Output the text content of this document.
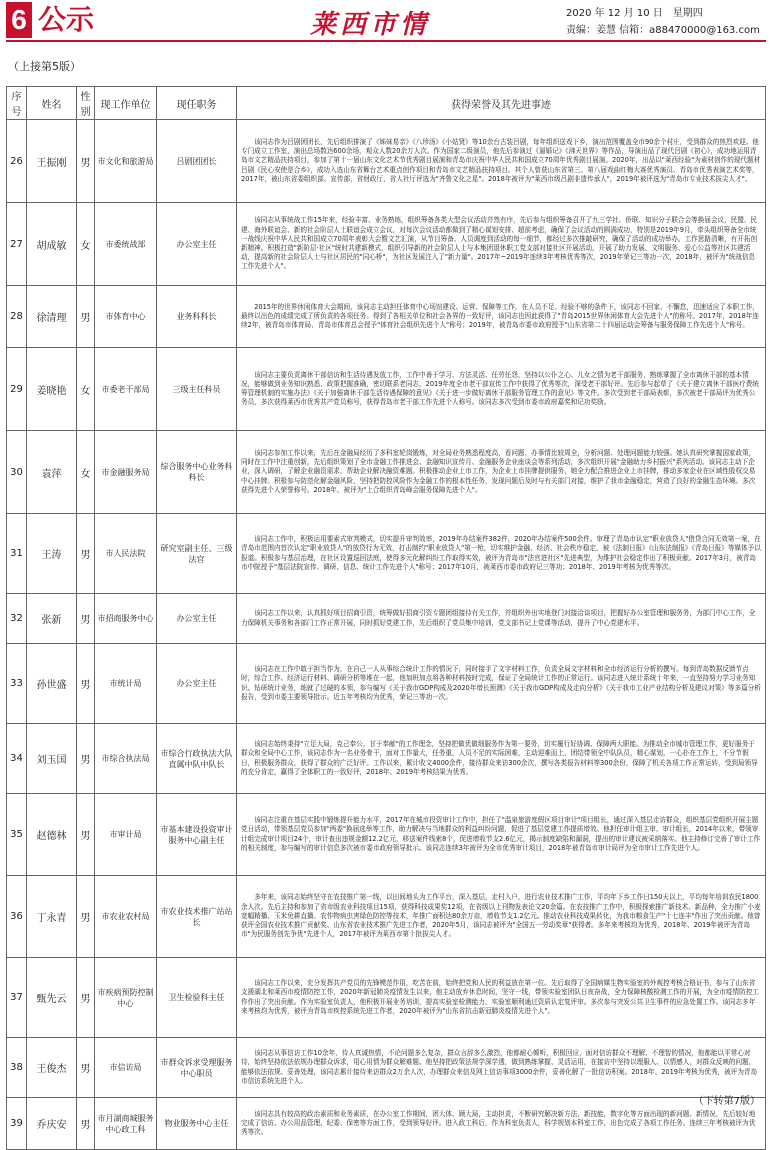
6 公示	莱西市情	2020 年 12 月 10 日　星期四
责编：姜慧 信箱：a88470000@163.com
（上接第5版）
序号	姓名	性别	现工作单位	现任职务	获得荣誉及其先进事迹
26	王振刚	男	市文化和旅游局	吕剧团团长	该同志作为吕剧团团长，先后组织排演了《姊妹易亲》《八珍汤》《小姑贤》等10余台古装吕剧，每年组织送戏下乡，演出范围覆盖全市90余个村庄，受到群众的热烈欢迎。他专门成立工作室，演出总场数达600余场，观众人数20余万人次。作为国家二级演员，他先后参演过《逼婚记》《沸天世界》等作品，导演出品了现代吕剧《初心》，成功地运用青岛市文艺精品扶持项目，参加了第十一届山东文化艺术节优秀剧目展演和青岛市庆祝中华人民共和国成立70周年优秀剧目展演。2020年，出品以"莱西经验"为素材创作的现代题材吕剧《民心安使是合乡》，成功入选山东省舞台艺术重点创作项目和青岛市文艺精品扶持项目。其个人曾获山东省第三、第八届戏曲红梅大赛优秀演员、青岛市优秀表演艺术奖等，2017年，被山东省委组织部、宣传部，省财政厅、省人社厅评选为"齐鲁文化之星"。2018年被评为"莱西市级吕剧非遗传承人"，2019年被评选为"青岛市专业技术拔尖人才"。
27	胡成敏	女	市委统战部	办公室主任	该同志从事统战工作15年来，经验丰富、业务熟练，组织筹备各类大型会议活动井然有序，先后参与组织筹备召开了九三学社、侨联、知识分子联合会等换届会议，民盟、民建、海外联谊会、新的社会阶层人士联谊会成立会议，对每次会议活动都做到了精心谋划安排、超前考虑，确保了会议活动的圆满成功，特别是2019年9月，牵头组织筹备全市统一战线庆祝中华人民共和国成立70周年表彰大会暨文艺汇演，从节目筹备、人员调度到活动的每一细节，都经过多次推敲研究，确保了活动的成功举办。工作思路清晰，有开拓创新精神。积极打造"新阶层·社区"统时共建新模式，组织引导新的社会阶层人士与本集团退休职工党支部对接社区开展活动，开展了助力发展、文明服务、爱心公益等社区共建活动，提高新的社会阶层人士与社区居民的"同心桥"，为社区发展注入了"新力量"。2017年~2019年连续3年考核优秀等次，2019年荣记三等功一次，2018年，被评为"统战信息工作先进个人"。
28	徐清理	男	市体育中心	业务科科长	2015年的世界休闲体育大会期间，该同志主动担任体育中心场馆建设、运营、保障等工作，在人员不足、经验不够的条件下，该同志不回家、不懈怠，迅速适应了本职工作，最终以出色的成绩完成了所负责的各项任务。得到了各相关单位和社会各界的一致好评，该同志也因此获得了"青岛2015世界休闲体育大会先进个人"的称号。2017年，2018年连续2年，被青岛市体育局、青岛市体育总会授予"体育社会组织先进个人"称号；2019年，被青岛市委市政府授予"山东省第二十四届运动会筹备与服务保障工作先进个人"称号。
29	姜晓艳	女	市委老干部局	三级主任科员	该同志主要负责离休干部信访和生活待遇发放工作，工作中善于学习、方法灵活、任劳任怨，坚持以公仆之心、儿女之情为老干部服务，熟练掌握了全市离休干部的基本情况，能够做到业务知识熟悉、政策把握准确，密切联系老同志，2019年度全市老干部宣传工作中获得了优秀等次，深受老干部好评。先后参与起草了《关于建立离休干部医疗费统筹管理机制的实施办法》《关于加强离休干部生活待遇保障的意见》《关于进一步做好离休干部服务管理工作的意见》等文件。多次受到老干部局表彰，多次被老干部局评为优秀公务员，多次获得莱西市优秀共产党员称号，获得青岛市老干部工作先进个人称号。该同志多次受到市委市政府嘉奖和记功奖励。
30	袁萍	女	市金融服务局	综合服务中心业务科科长	该同志参加工作以来，先后在金融局经历了多科室轮岗锻炼，对全局业务熟悉程度高，看问题、办事情比较周全，分析问题、处理问题能力较强。她认真研究掌握国家政策，同时在工作中注重创新，先后组织策划了全市金融工作推进会、金融知识宣传月、金融服务企业座谈会等系列活动，多次组织开展"金融助力乡村振兴"系列活动。该同志主动下企业，深入调研，了解企业融资需求，帮助企业解决融资难题。积极推动企业上市工作，为企业上市挂牌提供服务，她全力配合推进企业上市挂牌，推动多家企业在区域性股权交易中心挂牌。积极参与防范化解金融风险，坚持把防控风险作为金融工作的根本性任务，发现问题后及时与有关部门对接，维护了我市金融稳定，营造了良好的金融生态环境。多次获得先进个人荣誉称号。2018年，被评为"上合组织青岛峰会服务保障先进个人"。
31	王涛	男	市人民法院	研究室副主任、三级法官	该同志工作中，积极运用要素式审判模式，切实提升审判效率，2019年办结案件382件，2020年办结案件500余件。审理了青岛市认定"职业放贷人"借贷合同无效第一案，在青岛市范围内首次认定"职业放贷人"的放贷行为无效，打击制约"职业放贷人"第一枪，切实维护金融、经济、社会秩序稳定，被《法制日报》《山东法制报》《青岛日报》等媒体予以报道。积极参与基层治理，在社区设置巡回法庭，使得多元化解纠纷工作取得实效，被评为青岛市"法官进社区"先进典型，为维护社会稳定作出了积极贡献。2017年3月，被青岛市中院授予"基层法院宣传、调研、信息、统计工作先进个人"称号；2017年10月，被莱西市委市政府记三等功；2018年、2019年考核为优秀等次。
32	张新	男	市招商服务中心	办公室主任	该同志工作以来，认真抓好项目招商引资，统筹做好招商引资专题团组接待有关工作，并组织外出实地登门对接洽谈项目，把握好办公室管理和服务务，为部门中心工作，全力保障机关事务和各部门工作正常开展，同时抓好党建工作，先后组织了党员集中培训，党支部书记上党课等活动，提升了中心党建水平。
33	孙世盛	男	市统计局	办公室主任	该同志在工作中敢于担当作为，在自己一人从事综合统计工作的情况下，同时接手了文字材料工作，负责全局文字材料和全市经济运行分析的撰写。每到青岛数据反馈节点时，综合工作、经济运行材料、调研分析等堆在一起，他加班加点将各种材料按时完成，保证了全局统计工作的正常运行。该同志进入统计系统十年来，一直坚持努力学习业务知识、钻研统计业务，练就了过硬的本领，参与编写《关于我市GDP构成及2020年增长预测》《关于我市GDP构成及走向分析》《关于我市工业产业结构分析及建议对策》等多篇分析报告，受到市委主要领导批示。近五年考核均为优秀，荣记三等功一次。
34	刘玉国	男	市综合执法局	市综合行政执法大队直属中队中队长	该同志始终秉持"立足大局，克己奉公，甘于奉献"的工作理念，坚持把做优做细服务作为第一要务，切实履行好协调、保障两大职能。为推动全市城市管理工作，更好服务于群众和全局中心工作，该同志作为一名业务骨干，面对工作量大，任务重，人员不足的实际困难，主动迎难而上，团结带领全中队队员，精心谋划，一心扑在工作上，不分节假日，积极服务群众，获得了群众的广泛好评。工作以来，累计收文4000余件，接待群众来访300余次，撰写各类报告材料等300余份，保障了机关各项工作正常运转，受到局领导的充分肯定，赢得了全体职工的一致好评，2018年、2019年考核结果为优秀。
35	赵德林	男	市审计局	市基本建设投资审计服务中心副主任	该同志注重在基层实践中锻炼提升能力水平，2017年在城市投资审计工作中，担任了"温泉旅游度假区项目审计"项目组长，通过深入基层走访群众，组织基层党组织开展主题党日活动，带领基层党员参加"两委"换届选举等工作，助力解决与当地群众的利益纠纷问题，促进了基层党建工作提质增效。他担任审计组主审、审计组长，2014年以来，带领审计组完成审计项目24个，审计查出违规金额12.2亿元，移送案件线索8个，促进增收节支2.6亿元，揭示制度缺陷和漏洞，提出的审计建议被采纳落实。他主持修订完善了审计工作的相关制度，参与编写的审计信息多次被市委市政府领导批示。该同志连续3年被评为全市优秀审计项目，2018年被青岛市审计局评为全市审计工作先进个人。
36	丁永青	男	市农业农村局	市农业技术推广站站长	多年来，该同志始终坚守在农技推广第一线，以田间地头为工作平台，深入基层，走村入户，进行农业技术推广工作，平均年下乡工作日150天以上，平均每年培训农民1800余人次。先后主持和参加了省市级农业科技项目15项，获得科技成果奖12项，在省级以上刊物发表论文20余篇。在农技推广工作中，积极探索推广新技术、新品种，全力推广小麦宽幅精播、玉米免耕直播、农作物病虫害绿色防控等技术，年推广面积达80余万亩，增收节支1.2亿元。推动农业科技成果转化，为我市粮食生产"十七连丰"作出了突出贡献。他曾获评全国农业技术推广贡献奖、山东省农业技术推广先进工作者，2020年5月，该同志被评为"全国五一劳动奖章"获得者。多年来考核均为优秀，2018年、2019年被评为青岛市"为民服务创先争优"先进个人，2017年被评为莱西市第十批拔尖人才。
37	甄先云	男	市疾病预防控制中心	卫生检验科主任	该同志工作以来，充分发挥共产党员的先锋模范作用，吃苦在前，始终把党和人民的利益放在第一位。先后取得了全国病媒生物实验室的外观控考核合格证书，参与了山东省支援湖北和莱西市疫情防控工作，2020年新冠肺炎疫情发生以来，他主动放弃休息时间，坚守一线，带领实验室团队日夜奋战，全力保障核酸检测工作的开展，为全市疫情防控工作作出了突出贡献。作为实验室负责人，他积极开展业务培训，提高实验室检测能力，实验室顺利通过资质认定复评审。多次参与突发公共卫生事件的应急处置工作。该同志多年来考核均为优秀，被评为青岛市疾控系统先进工作者，2020年被评为"山东省抗击新冠肺炎疫情先进个人"。
38	王俊杰	男	市信访局	市群众诉求受理服务中心职员	该同志从事信访工作10余年，待人真诚热情，不论问题多么复杂，群众言辞多么激烈，他都耐心倾听，积极回应，面对信访群众不理解、不理智的情况，他都能以平常心对待，始终坚持依法依规办理群众诉求，用心用情为群众解难题。他坚持把政策法规学深学透，做到熟练掌握、灵活运用，在接访中坚持以理服人、以情感人，对群众反映的问题，能够依法依规、妥善处理，该同志累计接待来访群众2万余人次，办理群众来信及网上信访事项3000余件，妥善化解了一批信访积案。2018年、2019年考核为优秀，被评为青岛市信访系统先进个人。
39	乔庆安	男	市月湖商城服务中心政工科	物业服务中心主任	该同志具有较高的政治素质和业务素质，在办公室工作期间，团大体、顾大局，主动担责，不断研究解决新方法、新技能，数字化等方面出现的新问题、新情况，先后较好地完成了信访、办公用品管理、纪委、保密等方面工作，受到领导好评。进入政工科后，作为科室负责人，科学规划本科室工作，出色完成了各项工作任务。连续三年考核被评为优秀等次。
（下转第7版）
